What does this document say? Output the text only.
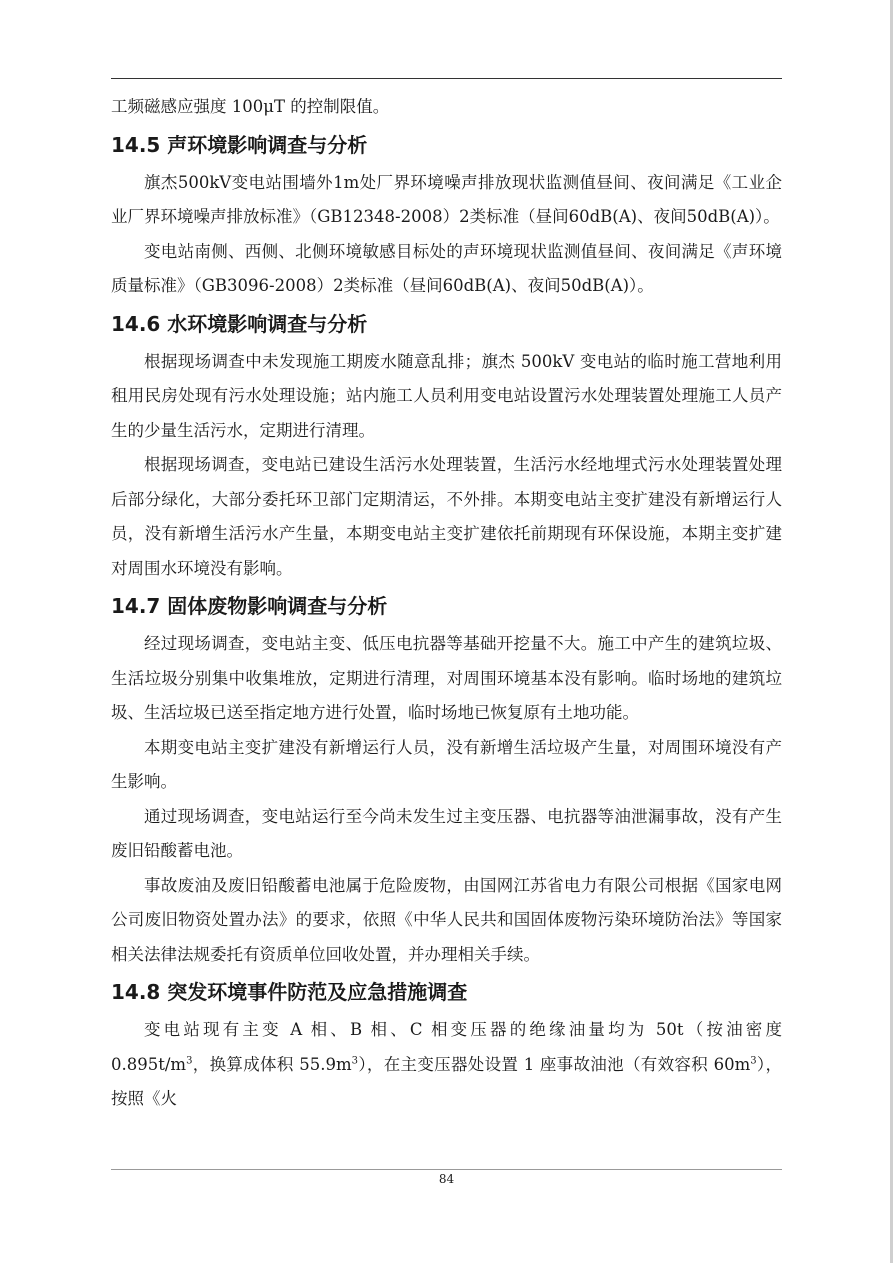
工频磁感应强度 100μT 的控制限值。

14.5 声环境影响调查与分析

旗杰500kV变电站围墙外1m处厂界环境噪声排放现状监测值昼间、夜间满足《工业企业厂界环境噪声排放标准》（GB12348-2008）2类标准（昼间60dB(A)、夜间50dB(A)）。

变电站南侧、西侧、北侧环境敏感目标处的声环境现状监测值昼间、夜间满足《声环境质量标准》（GB3096-2008）2类标准（昼间60dB(A)、夜间50dB(A)）。

14.6 水环境影响调查与分析

根据现场调查中未发现施工期废水随意乱排；旗杰 500kV 变电站的临时施工营地利用租用民房处现有污水处理设施；站内施工人员利用变电站设置污水处理装置处理施工人员产生的少量生活污水，定期进行清理。

根据现场调查，变电站已建设生活污水处理装置，生活污水经地埋式污水处理装置处理后部分绿化，大部分委托环卫部门定期清运，不外排。本期变电站主变扩建没有新增运行人员，没有新增生活污水产生量，本期变电站主变扩建依托前期现有环保设施，本期主变扩建对周围水环境没有影响。

14.7 固体废物影响调查与分析

经过现场调查，变电站主变、低压电抗器等基础开挖量不大。施工中产生的建筑垃圾、生活垃圾分别集中收集堆放，定期进行清理，对周围环境基本没有影响。临时场地的建筑垃圾、生活垃圾已送至指定地方进行处置，临时场地已恢复原有土地功能。

本期变电站主变扩建没有新增运行人员，没有新增生活垃圾产生量，对周围环境没有产生影响。

通过现场调查，变电站运行至今尚未发生过主变压器、电抗器等油泄漏事故，没有产生废旧铅酸蓄电池。

事故废油及废旧铅酸蓄电池属于危险废物，由国网江苏省电力有限公司根据《国家电网公司废旧物资处置办法》的要求，依照《中华人民共和国固体废物污染环境防治法》等国家相关法律法规委托有资质单位回收处置，并办理相关手续。

14.8 突发环境事件防范及应急措施调查

变电站现有主变 A 相、B 相、C 相变压器的绝缘油量均为 50t（按油密度 $0.895t/m^3$，换算成体积 $55.9m^3$），在主变压器处设置 1 座事故油池（有效容积 $60m^3$），按照《火

84
